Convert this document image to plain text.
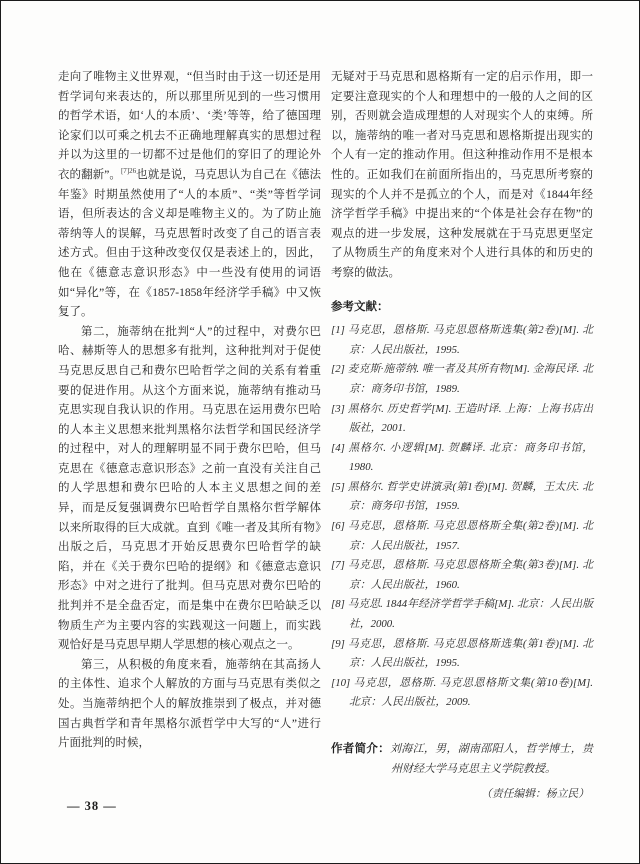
走向了唯物主义世界观，“但当时由于这一切还是用哲学词句来表达的，所以那里所见到的一些习惯用的哲学术语，如‘人的本质’、‘类’等等，给了德国理论家们以可乘之机去不正确地理解真实的思想过程并以为这里的一切都不过是他们的穿旧了的理论外衣的翻新”。$^{[7]26}$也就是说，马克思认为自己在《德法年鉴》时期虽然使用了“人的本质”、“类”等哲学词语，但所表达的含义却是唯物主义的。为了防止施蒂纳等人的误解，马克思暂时改变了自己的语言表述方式。但由于这种改变仅仅是表述上的，因此，他在《德意志意识形态》中一些没有使用的词语如“异化”等，在《1857-1858年经济学手稿》中又恢复了。

第二，施蒂纳在批判“人”的过程中，对费尔巴哈、赫斯等人的思想多有批判，这种批判对于促使马克思反思自己和费尔巴哈哲学之间的关系有着重要的促进作用。从这个方面来说，施蒂纳有推动马克思实现自我认识的作用。马克思在运用费尔巴哈的人本主义思想来批判黑格尔法哲学和国民经济学的过程中，对人的理解明显不同于费尔巴哈，但马克思在《德意志意识形态》之前一直没有关注自己的人学思想和费尔巴哈的人本主义思想之间的差异，而是反复强调费尔巴哈哲学自黑格尔哲学解体以来所取得的巨大成就。直到《唯一者及其所有物》出版之后，马克思才开始反思费尔巴哈哲学的缺陷，并在《关于费尔巴哈的提纲》和《德意志意识形态》中对之进行了批判。但马克思对费尔巴哈的批判并不是全盘否定，而是集中在费尔巴哈缺乏以物质生产为主要内容的实践观这一问题上，而实践观恰好是马克思早期人学思想的核心观点之一。

第三，从积极的角度来看，施蒂纳在其高扬人的主体性、追求个人解放的方面与马克思有类似之处。当施蒂纳把个人的解放推崇到了极点，并对德国古典哲学和青年黑格尔派哲学中大写的“人”进行片面批判的时候，

无疑对于马克思和恩格斯有一定的启示作用，即一定要注意现实的个人和理想中的一般的人之间的区别，否则就会造成理想的人对现实个人的束缚。所以，施蒂纳的唯一者对马克思和恩格斯提出现实的个人有一定的推动作用。但这种推动作用不是根本性的。正如我们在前面所指出的，马克思所考察的现实的个人并不是孤立的个人，而是对《1844年经济学哲学手稿》中提出来的“个体是社会存在物”的观点的进一步发展，这种发展就在于马克思更坚定了从物质生产的角度来对个人进行具体的和历史的考察的做法。

参考文献：

[1] 马克思，恩格斯. 马克思恩格斯选集(第2卷)[M]. 北京：人民出版社，1995.
[2] 麦克斯·施蒂纳. 唯一者及其所有物[M]. 金海民译. 北京：商务印书馆，1989.
[3] 黑格尔. 历史哲学[M]. 王造时译. 上海：上海书店出版社，2001.
[4] 黑格尔. 小逻辑[M]. 贺麟译. 北京：商务印书馆，1980.
[5] 黑格尔. 哲学史讲演录(第1卷)[M]. 贺麟，王太庆. 北京：商务印书馆，1959.
[6] 马克思，恩格斯. 马克思恩格斯全集(第2卷)[M]. 北京：人民出版社，1957.
[7] 马克思，恩格斯. 马克思恩格斯全集(第3卷)[M]. 北京：人民出版社，1960.
[8] 马克思. 1844年经济学哲学手稿[M]. 北京：人民出版社，2000.
[9] 马克思，恩格斯. 马克思恩格斯选集(第1卷)[M]. 北京：人民出版社，1995.
[10] 马克思，恩格斯. 马克思恩格斯文集(第10卷)[M]. 北京：人民出版社，2009.

作者简介：刘海江，男，湖南邵阳人，哲学博士，贵州财经大学马克思主义学院教授。

（责任编辑：杨立民）

— 38 —
